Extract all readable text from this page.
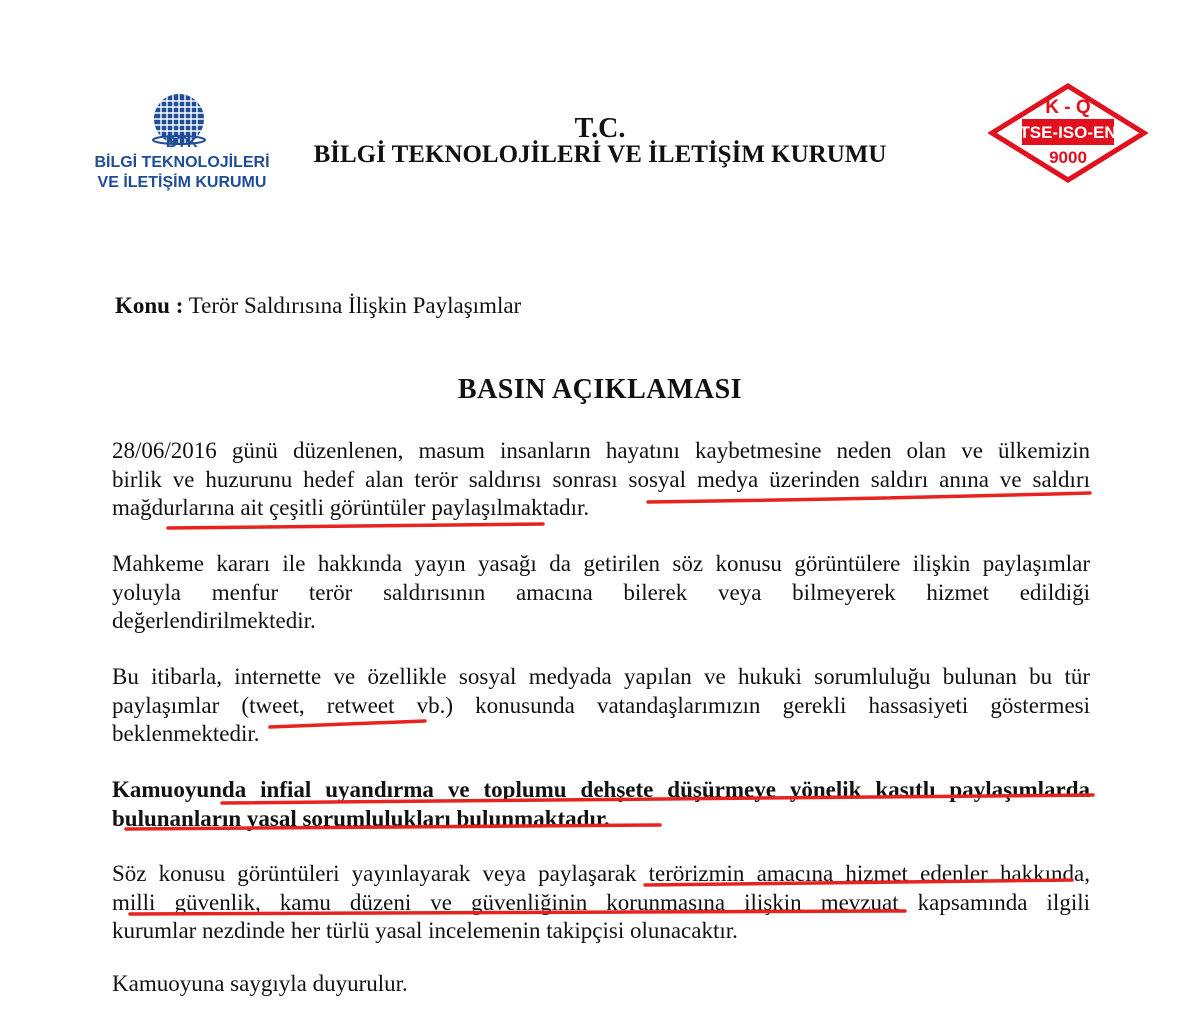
BTK
BİLGİ TEKNOLOJİLERİ
VE İLETİŞİM KURUMU
T.C.
BİLGİ TEKNOLOJİLERİ VE İLETİŞİM KURUMU
K - Q
TSE-ISO-EN
9000
Konu : Terör Saldırısına İlişkin Paylaşımlar
BASIN AÇIKLAMASI
28/06/2016 günü düzenlenen, masum insanların hayatını kaybetmesine neden olan ve ülkemizin
birlik ve huzurunu hedef alan terör saldırısı sonrası sosyal medya üzerinden saldırı anına ve saldırı
mağdurlarına ait çeşitli görüntüler paylaşılmaktadır.
Mahkeme kararı ile hakkında yayın yasağı da getirilen söz konusu görüntülere ilişkin paylaşımlar
yoluyla menfur terör saldırısının amacına bilerek veya bilmeyerek hizmet edildiği
değerlendirilmektedir.
Bu itibarla, internette ve özellikle sosyal medyada yapılan ve hukuki sorumluluğu bulunan bu tür
paylaşımlar (tweet, retweet vb.) konusunda vatandaşlarımızın gerekli hassasiyeti göstermesi
beklenmektedir.
Kamuoyunda infial uyandırma ve toplumu dehşete düşürmeye yönelik kasıtlı paylaşımlarda
bulunanların yasal sorumlulukları bulunmaktadır.
Söz konusu görüntüleri yayınlayarak veya paylaşarak terörizmin amacına hizmet edenler hakkında,
milli güvenlik, kamu düzeni ve güvenliğinin korunmasına ilişkin mevzuat kapsamında ilgili
kurumlar nezdinde her türlü yasal incelemenin takipçisi olunacaktır.
Kamuoyuna saygıyla duyurulur.
